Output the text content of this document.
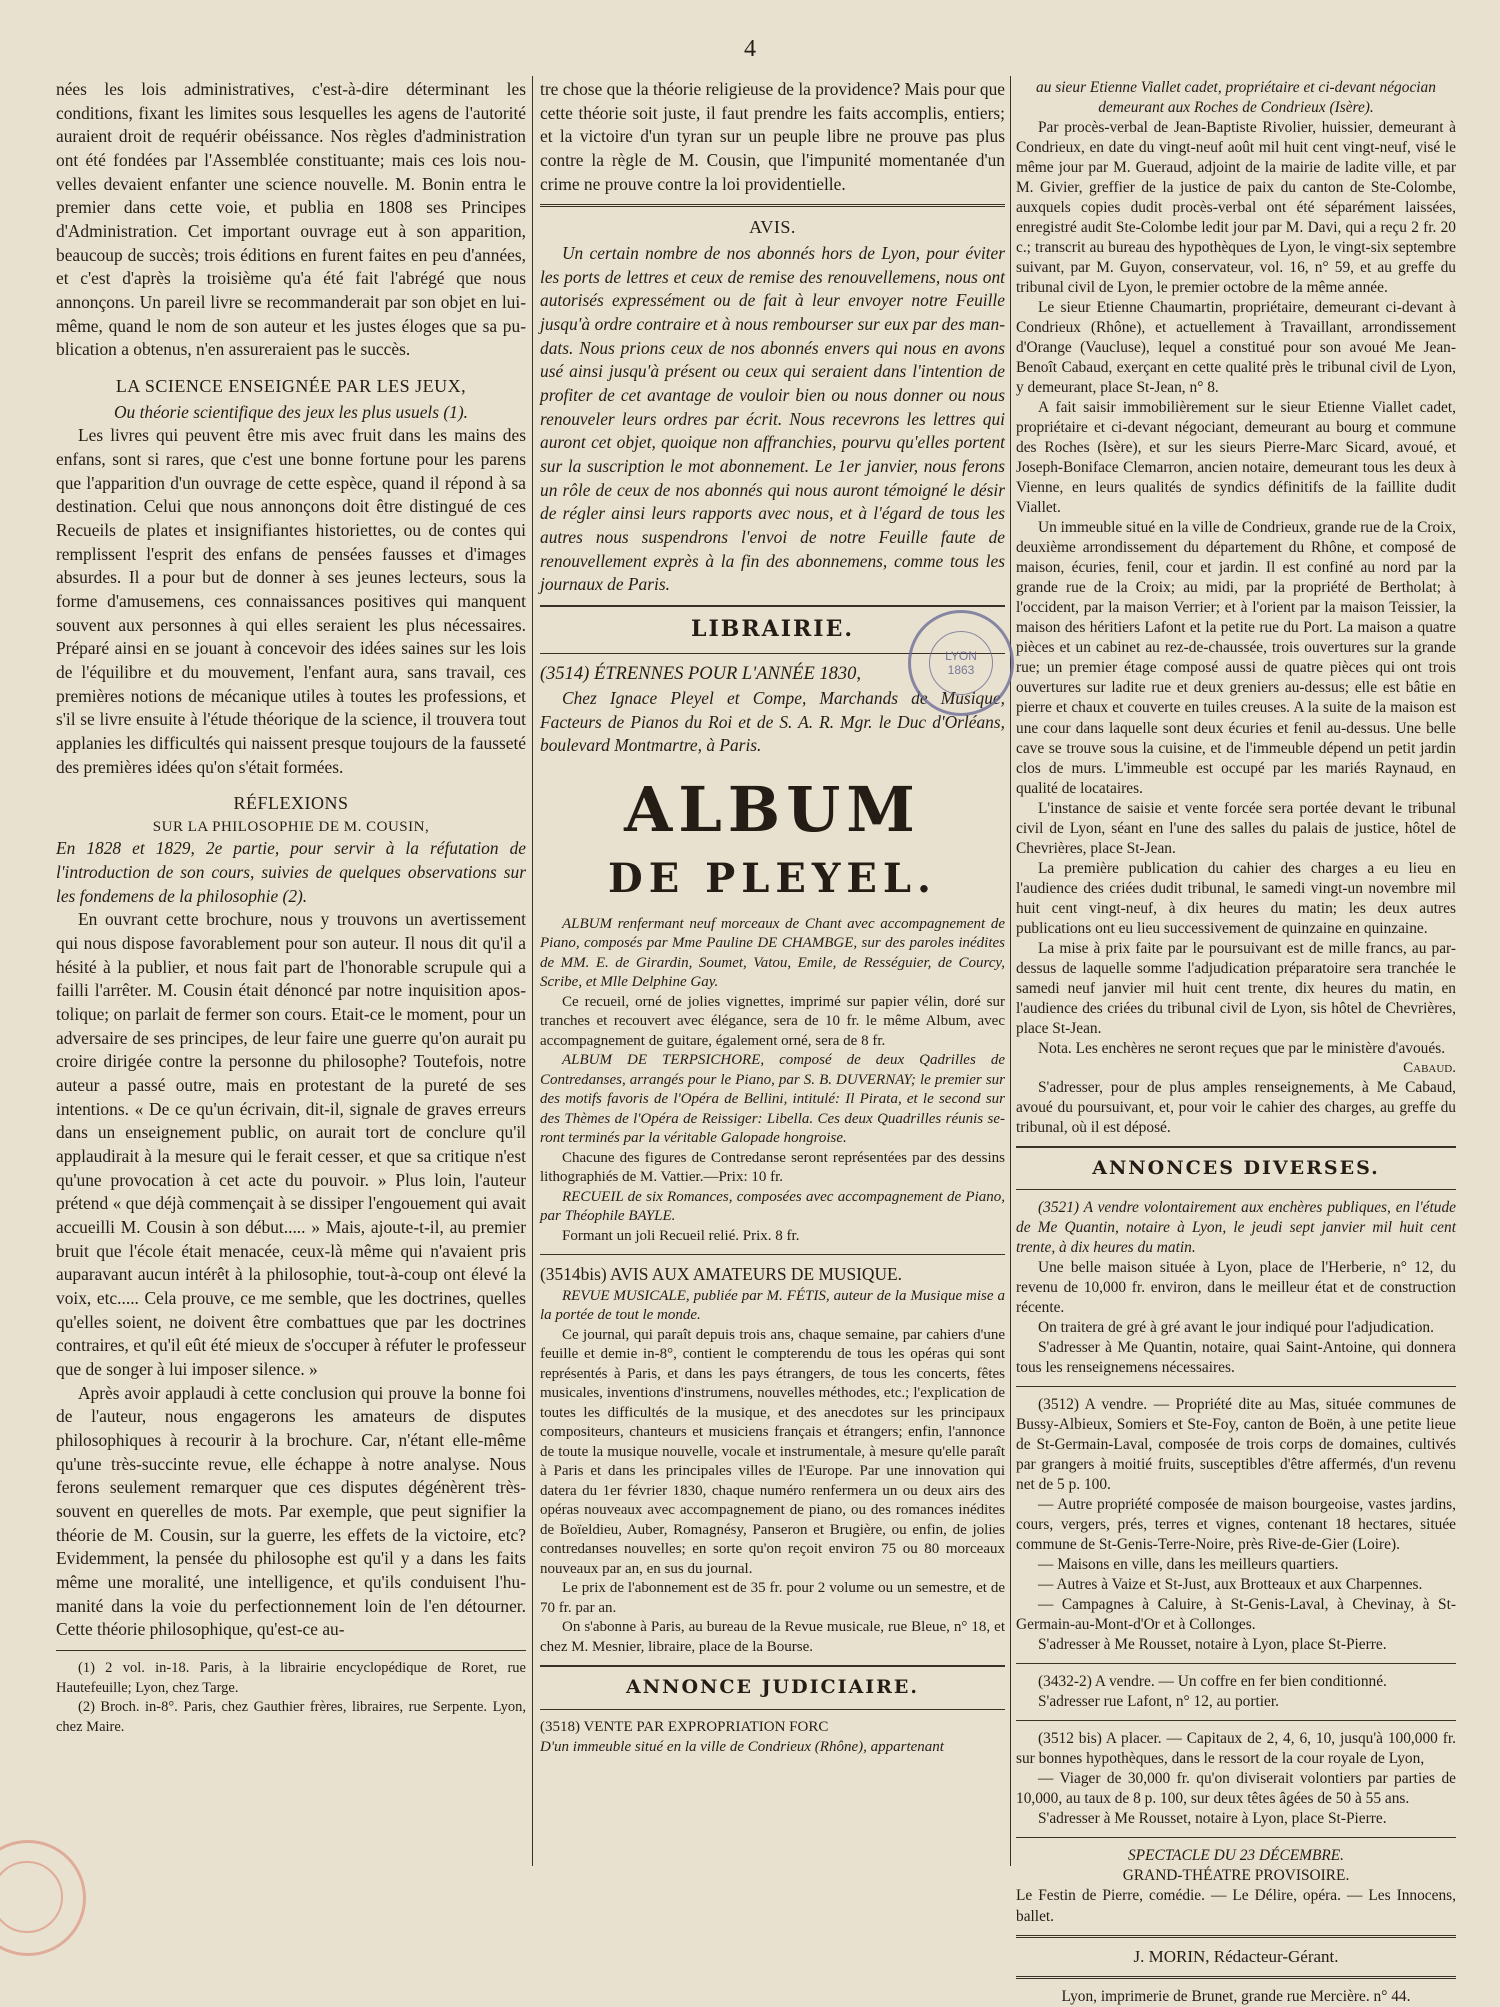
4

nées les lois administratives, c'est-à-dire déterminant les conditions, fixant les limites sous lesquelles les agens de l'autorité auraient droit de requérir obéissance. Nos règles d'administration ont été fondées par l'Assemblée constituante; mais ces lois nouvelles devaient enfanter une science nouvelle. M. Bonin entra le premier dans cette voie, et publia en 1808 ses Principes d'Administration. Cet important ouvrage eut à son apparition, beaucoup de succès; trois éditions en furent faites en peu d'années, et c'est d'après la troisième qu'a été fait l'abrégé que nous annonçons. Un pareil livre se recommanderait par son objet en lui-même, quand le nom de son auteur et les justes éloges que sa publication a obtenus, n'en assureraient pas le succès.

LA SCIENCE ENSEIGNÉE PAR LES JEUX,

Ou théorie scientifique des jeux les plus usuels (1).

Les livres qui peuvent être mis avec fruit dans les mains des enfans, sont si rares, que c'est une bonne fortune pour les parens que l'apparition d'un ouvrage de cette espèce, quand il répond à sa destination. Celui que nous annonçons doit être distingué de ces Recueils de plates et insignifiantes historiettes, ou de contes qui remplissent l'esprit des enfans de pensées fausses et d'images absurdes. Il a pour but de donner à ses jeunes lecteurs, sous la forme d'amusemens, ces connaissances positives qui manquent souvent aux personnes à qui elles seraient les plus nécessaires. Préparé ainsi en se jouant à concevoir des idées saines sur les lois de l'équilibre et du mouvement, l'enfant aura, sans travail, ces premières notions de mécanique utiles à toutes les professions, et s'il se livre ensuite à l'étude théorique de la science, il trouvera tout applanies les difficultés qui naissent presque toujours de la fausseté des premières idées qu'on s'était formées.

RÉFLEXIONS

SUR LA PHILOSOPHIE DE M. COUSIN,

En 1828 et 1829, 2e partie, pour servir à la réfutation de l'introduction de son cours, suivies de quelques observations sur les fondemens de la philosophie (2).

En ouvrant cette brochure, nous y trouvons un avertissement qui nous dispose favorablement pour son auteur. Il nous dit qu'il a hésité à la publier, et nous fait part de l'honorable scrupule qui a failli l'arrêter. M. Cousin était dénoncé par notre inquisition apostolique; on parlait de fermer son cours. Etait-ce le moment, pour un adversaire de ses principes, de leur faire une guerre qu'on aurait pu croire dirigée contre la personne du philosophe? Toutefois, notre auteur a passé outre, mais en protestant de la pureté de ses intentions. « De ce qu'un écrivain, dit-il, signale de graves erreurs dans un enseignement public, on aurait tort de conclure qu'il applaudirait à la mesure qui le ferait cesser, et que sa critique n'est qu'une provocation à cet acte du pouvoir. » Plus loin, l'auteur prétend « que déjà commençait à se dissiper l'engouement qui avait accueilli M. Cousin à son début..... » Mais, ajoute-t-il, au premier bruit que l'école était menacée, ceux-là même qui n'avaient pris auparavant aucun intérêt à la philosophie, tout-à-coup ont élevé la voix, etc..... Cela prouve, ce me semble, que les doctrines, quelles qu'elles soient, ne doivent être combattues que par les doctrines contraires, et qu'il eût été mieux de s'occuper à réfuter le professeur que de songer à lui imposer silence. »

Après avoir applaudi à cette conclusion qui prouve la bonne foi de l'auteur, nous engagerons les amateurs de disputes philosophiques à recourir à la brochure. Car, n'étant elle-même qu'une très-succinte revue, elle échappe à notre analyse. Nous ferons seulement remarquer que ces disputes dégénèrent très-souvent en querelles de mots. Par exemple, que peut signifier la théorie de M. Cousin, sur la guerre, les effets de la victoire, etc? Evidemment, la pensée du philosophe est qu'il y a dans les faits même une moralité, une intelligence, et qu'ils conduisent l'humanité dans la voie du perfectionnement loin de l'en détourner. Cette théorie philosophique, qu'est-ce au-

(1) 2 vol. in-18. Paris, à la librairie encyclopédique de Roret, rue Hautefeuille; Lyon, chez Targe.

(2) Broch. in-8°. Paris, chez Gauthier frères, libraires, rue Serpente. Lyon, chez Maire.

tre chose que la théorie religieuse de la providence? Mais pour que cette théorie soit juste, il faut prendre les faits accomplis, entiers; et la victoire d'un tyran sur un peuple libre ne prouve pas plus contre la règle de M. Cousin, que l'impunité momentanée d'un crime ne prouve contre la loi providentielle.

AVIS.

Un certain nombre de nos abonnés hors de Lyon, pour éviter les ports de lettres et ceux de remise des renouvellemens, nous ont autorisés expressément ou de fait à leur envoyer notre Feuille jusqu'à ordre contraire et à nous rembourser sur eux par des mandats. Nous prions ceux de nos abonnés envers qui nous en avons usé ainsi jusqu'à présent ou ceux qui seraient dans l'intention de profiter de cet avantage de vouloir bien ou nous donner ou nous renouveler leurs ordres par écrit. Nous recevrons les lettres qui auront cet objet, quoique non affranchies, pourvu qu'elles portent sur la suscription le mot abonnement. Le 1er janvier, nous ferons un rôle de ceux de nos abonnés qui nous auront témoigné le désir de régler ainsi leurs rapports avec nous, et à l'égard de tous les autres nous suspendrons l'envoi de notre Feuille faute de renouvellement exprès à la fin des abonnemens, comme tous les journaux de Paris.

LIBRAIRIE.

(3514) ÉTRENNES POUR L'ANNÉE 1830,

Chez Ignace Pleyel et Compe, Marchands de Musique, Facteurs de Pianos du Roi et de S. A. R. Mgr. le Duc d'Orléans, boulevard Montmartre, à Paris.

ALBUM
DE PLEYEL.

ALBUM renfermant neuf morceaux de Chant avec accompagnement de Piano, composés par Mme Pauline DE CHAMBGE, sur des paroles inédites de MM. E. de Girardin, Soumet, Vatou, Emile, de Rességuier, de Courcy, Scribe, et Mlle Delphine Gay.

Ce recueil, orné de jolies vignettes, imprimé sur papier vélin, doré sur tranches et recouvert avec élégance, sera de 10 fr. le même Album, avec accompagnement de guitare, également orné, sera de 8 fr.

ALBUM DE TERPSICHORE, composé de deux Qadrilles de Contredanses, arrangés pour le Piano, par S. B. DUVERNAY; le premier sur des motifs favoris de l'Opéra de Bellini, intitulé: Il Pirata, et le second sur des Thèmes de l'Opéra de Reissiger: Libella. Ces deux Quadrilles réunis seront terminés par la véritable Galopade hongroise.

Chacune des figures de Contredanse seront représentées par des dessins lithographiés de M. Vattier.—Prix: 10 fr.

RECUEIL de six Romances, composées avec accompagnement de Piano, par Théophile BAYLE.

Formant un joli Recueil relié. Prix. 8 fr.

(3514bis) AVIS AUX AMATEURS DE MUSIQUE.

REVUE MUSICALE, publiée par M. FÉTIS, auteur de la Musique mise a la portée de tout le monde.

Ce journal, qui paraît depuis trois ans, chaque semaine, par cahiers d'une feuille et demie in-8°, contient le compterendu de tous les opéras qui sont représentés à Paris, et dans les pays étrangers, de tous les concerts, fêtes musicales, inventions d'instrumens, nouvelles méthodes, etc.; l'explication de toutes les difficultés de la musique, et des anecdotes sur les principaux compositeurs, chanteurs et musiciens français et étrangers; enfin, l'annonce de toute la musique nouvelle, vocale et instrumentale, à mesure qu'elle paraît à Paris et dans les principales villes de l'Europe. Par une innovation qui datera du 1er février 1830, chaque numéro renfermera un ou deux airs des opéras nouveaux avec accompagnement de piano, ou des romances inédites de Boïeldieu, Auber, Romagnésy, Panseron et Brugière, ou enfin, de jolies contredanses nouvelles; en sorte qu'on reçoit environ 75 ou 80 morceaux nouveaux par an, en sus du journal.

Le prix de l'abonnement est de 35 fr. pour 2 volume ou un semestre, et de 70 fr. par an.

On s'abonne à Paris, au bureau de la Revue musicale, rue Bleue, n° 18, et chez M. Mesnier, libraire, place de la Bourse.

ANNONCE JUDICIAIRE.

(3518) VENTE PAR EXPROPRIATION FORC

D'un immeuble situé en la ville de Condrieux (Rhône), appartenant

LYON
1863

au sieur Etienne Viallet cadet, propriétaire et ci-devant négocian demeurant aux Roches de Condrieux (Isère).

Par procès-verbal de Jean-Baptiste Rivolier, huissier, demeurant à Condrieux, en date du vingt-neuf août mil huit cent vingt-neuf, visé le même jour par M. Gueraud, adjoint de la mairie de ladite ville, et par M. Givier, greffier de la justice de paix du canton de Ste-Colombe, auxquels copies dudit procès-verbal ont été séparément laissées, enregistré audit Ste-Colombe ledit jour par M. Davi, qui a reçu 2 fr. 20 c.; transcrit au bureau des hypothèques de Lyon, le vingt-six septembre suivant, par M. Guyon, conservateur, vol. 16, n° 59, et au greffe du tribunal civil de Lyon, le premier octobre de la même année.

Le sieur Etienne Chaumartin, propriétaire, demeurant ci-devant à Condrieux (Rhône), et actuellement à Travaillant, arrondissement d'Orange (Vaucluse), lequel a constitué pour son avoué Me Jean-Benoît Cabaud, exerçant en cette qualité près le tribunal civil de Lyon, y demeurant, place St-Jean, n° 8.

A fait saisir immobilièrement sur le sieur Etienne Viallet cadet, propriétaire et ci-devant négociant, demeurant au bourg et commune des Roches (Isère), et sur les sieurs Pierre-Marc Sicard, avoué, et Joseph-Boniface Clemarron, ancien notaire, demeurant tous les deux à Vienne, en leurs qualités de syndics définitifs de la faillite dudit Viallet.

Un immeuble situé en la ville de Condrieux, grande rue de la Croix, deuxième arrondissement du département du Rhône, et composé de maison, écuries, fenil, cour et jardin. Il est confiné au nord par la grande rue de la Croix; au midi, par la propriété de Bertholat; à l'occident, par la maison Verrier; et à l'orient par la maison Teissier, la maison des héritiers Lafont et la petite rue du Port. La maison a quatre pièces et un cabinet au rez-de-chaussée, trois ouvertures sur la grande rue; un premier étage composé aussi de quatre pièces qui ont trois ouvertures sur ladite rue et deux greniers au-dessus; elle est bâtie en pierre et chaux et couverte en tuiles creuses. A la suite de la maison est une cour dans laquelle sont deux écuries et fenil au-dessus. Une belle cave se trouve sous la cuisine, et de l'immeuble dépend un petit jardin clos de murs. L'immeuble est occupé par les mariés Raynaud, en qualité de locataires.

L'instance de saisie et vente forcée sera portée devant le tribunal civil de Lyon, séant en l'une des salles du palais de justice, hôtel de Chevrières, place St-Jean.

La première publication du cahier des charges a eu lieu en l'audience des criées dudit tribunal, le samedi vingt-un novembre mil huit cent vingt-neuf, à dix heures du matin; les deux autres publications ont eu lieu successivement de quinzaine en quinzaine.

La mise à prix faite par le poursuivant est de mille francs, au par-dessus de laquelle somme l'adjudication préparatoire sera tranchée le samedi neuf janvier mil huit cent trente, dix heures du matin, en l'audience des criées du tribunal civil de Lyon, sis hôtel de Chevrières, place St-Jean.

Nota. Les enchères ne seront reçues que par le ministère d'avoués.

Cabaud.

S'adresser, pour de plus amples renseignements, à Me Cabaud, avoué du poursuivant, et, pour voir le cahier des charges, au greffe du tribunal, où il est déposé.

ANNONCES DIVERSES.

(3521) A vendre volontairement aux enchères publiques, en l'étude de Me Quantin, notaire à Lyon, le jeudi sept janvier mil huit cent trente, à dix heures du matin.

Une belle maison située à Lyon, place de l'Herberie, n° 12, du revenu de 10,000 fr. environ, dans le meilleur état et de construction récente.

On traitera de gré à gré avant le jour indiqué pour l'adjudication.

S'adresser à Me Quantin, notaire, quai Saint-Antoine, qui donnera tous les renseignemens nécessaires.

(3512) A vendre. — Propriété dite au Mas, située communes de Bussy-Albieux, Somiers et Ste-Foy, canton de Boën, à une petite lieue de St-Germain-Laval, composée de trois corps de domaines, cultivés par grangers à moitié fruits, susceptibles d'être affermés, d'un revenu net de 5 p. 100.

— Autre propriété composée de maison bourgeoise, vastes jardins, cours, vergers, prés, terres et vignes, contenant 18 hectares, située commune de St-Genis-Terre-Noire, près Rive-de-Gier (Loire).

— Maisons en ville, dans les meilleurs quartiers.

— Autres à Vaize et St-Just, aux Brotteaux et aux Charpennes.

— Campagnes à Caluire, à St-Genis-Laval, à Chevinay, à St-Germain-au-Mont-d'Or et à Collonges.

S'adresser à Me Rousset, notaire à Lyon, place St-Pierre.

(3432-2) A vendre. — Un coffre en fer bien conditionné.

S'adresser rue Lafont, n° 12, au portier.

(3512 bis) A placer. — Capitaux de 2, 4, 6, 10, jusqu'à 100,000 fr. sur bonnes hypothèques, dans le ressort de la cour royale de Lyon,

— Viager de 30,000 fr. qu'on diviserait volontiers par parties de 10,000, au taux de 8 p. 100, sur deux têtes âgées de 50 à 55 ans.

S'adresser à Me Rousset, notaire à Lyon, place St-Pierre.

SPECTACLE DU 23 DÉCEMBRE.

GRAND-THÉATRE PROVISOIRE.

Le Festin de Pierre, comédie. — Le Délire, opéra. — Les Innocens, ballet.

J. MORIN, Rédacteur-Gérant.

Lyon, imprimerie de Brunet, grande rue Mercière. n° 44.
